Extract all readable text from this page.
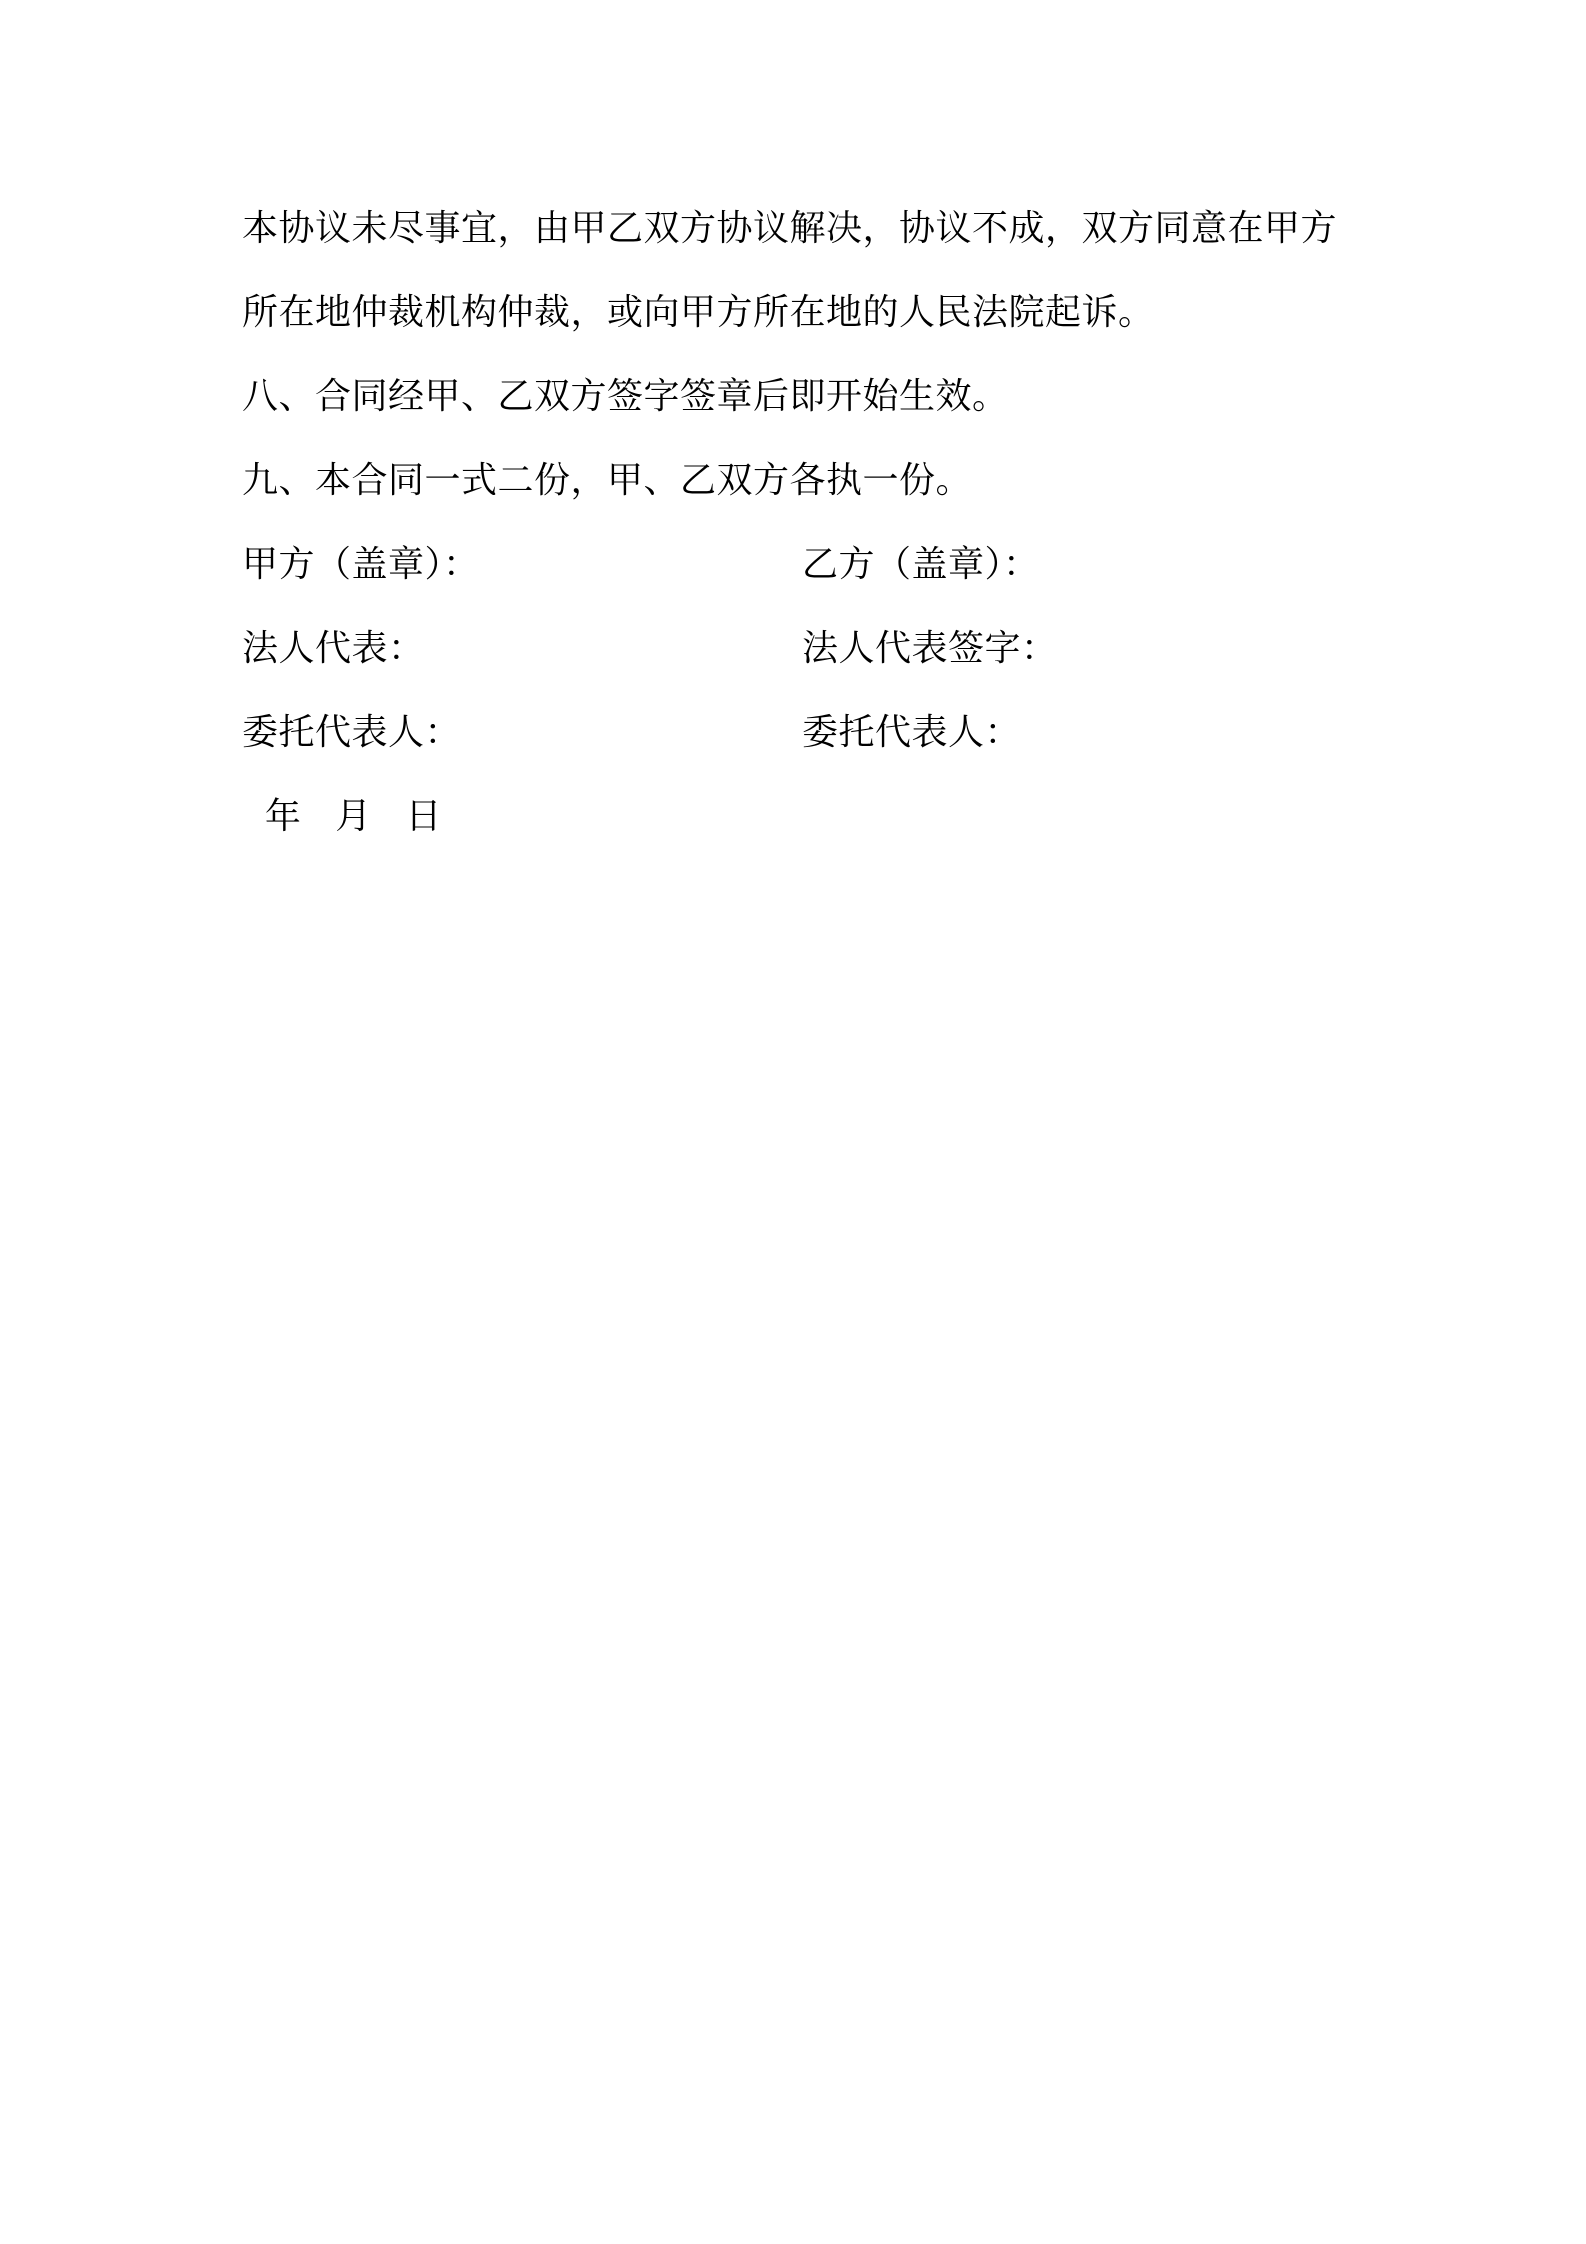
本协议未尽事宜，由甲乙双方协议解决，协议不成，双方同意在甲方
所在地仲裁机构仲裁，或向甲方所在地的人民法院起诉。
八、合同经甲、乙双方签字签章后即开始生效。
九、本合同一式二份，甲、乙双方各执一份。
甲方（盖章）：	乙方（盖章）：
法人代表：	法人代表签字：
委托代表人：	委托代表人：
年   月   日
